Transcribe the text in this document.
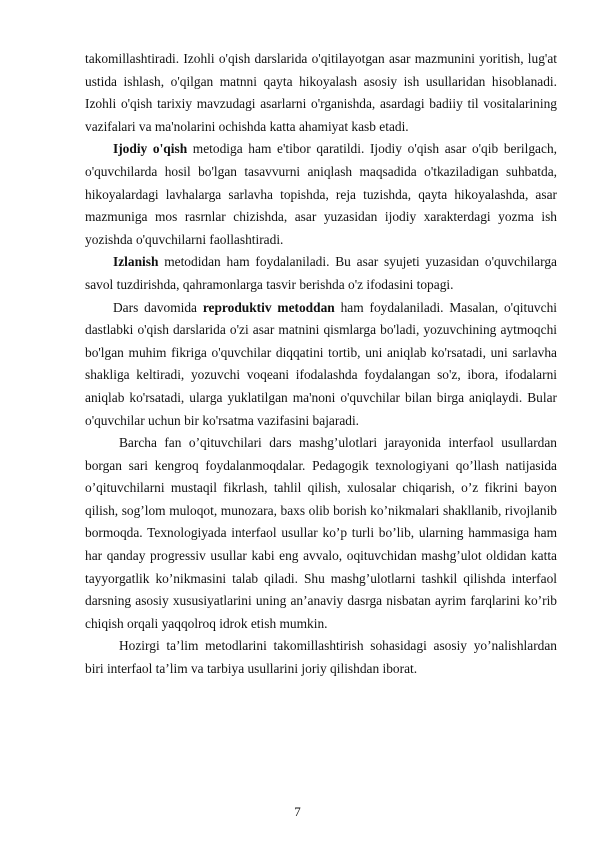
takomillashtiradi. Izohli o'qish darslarida o'qitilayotgan asar mazmunini yoritish, lug'at ustida ishlash, o'qilgan matnni qayta hikoyalash asosiy ish usullaridan hisoblanadi. Izohli o'qish tarixiy mavzudagi asarlarni o'rganishda, asardagi badiiy til vositalarining vazifalari va ma'nolarini ochishda katta ahamiyat kasb etadi.

Ijodiy o'qish metodiga ham e'tibor qaratildi. Ijodiy o'qish asar o'qib berilgach, o'quvchilarda hosil bo'lgan tasavvurni aniqlash maqsadida o'tkaziladigan suhbatda, hikoyalardagi lavhalarga sarlavha topishda, reja tuzishda, qayta hikoyalashda, asar mazmuniga mos rasrnlar chizishda, asar yuzasidan ijodiy xarakterdagi yozma ish yozishda o'quvchilarni faollashtiradi.

Izlanish metodidan ham foydalaniladi. Bu asar syujeti yuzasidan o'quvchilarga savol tuzdirishda, qahramonlarga tasvir berishda o'z ifodasini topagi.

Dars davomida reproduktiv metoddan ham foydalaniladi. Masalan, o'qituvchi dastlabki o'qish darslarida o'zi asar matnini qismlarga bo'ladi, yozuvchining aytmoqchi bo'lgan muhim fikriga o'quvchilar diqqatini tortib, uni aniqlab ko'rsatadi, uni sarlavha shakliga keltiradi, yozuvchi voqeani ifodalashda foydalangan so'z, ibora, ifodalarni aniqlab ko'rsatadi, ularga yuklatilgan ma'noni o'quvchilar bilan birga aniqlaydi. Bular o'quvchilar uchun bir ko'rsatma vazifasini bajaradi.

Barcha fan o’qituvchilari dars mashg’ulotlari jarayonida interfaol usullardan borgan sari kengroq foydalanmoqdalar. Pedagogik texnologiyani qo’llash natijasida o’qituvchilarni mustaqil fikrlash, tahlil qilish, xulosalar chiqarish, o’z fikrini bayon qilish, sog’lom muloqot, munozara, baxs olib borish ko’nikmalari shakllanib, rivojlanib bormoqda. Texnologiyada interfaol usullar ko’p turli bo’lib, ularning hammasiga ham har qanday progressiv usullar kabi eng avvalo, oqituvchidan mashg’ulot oldidan katta tayyorgatlik ko’nikmasini talab qiladi. Shu mashg’ulotlarni tashkil qilishda interfaol darsning asosiy xususiyatlarini uning an’anaviy dasrga nisbatan ayrim farqlarini ko’rib chiqish orqali yaqqolroq idrok etish mumkin.

Hozirgi ta’lim metodlarini takomillashtirish sohasidagi asosiy yo’nalishlardan biri interfaol ta’lim va tarbiya usullarini joriy qilishdan iborat.

7
